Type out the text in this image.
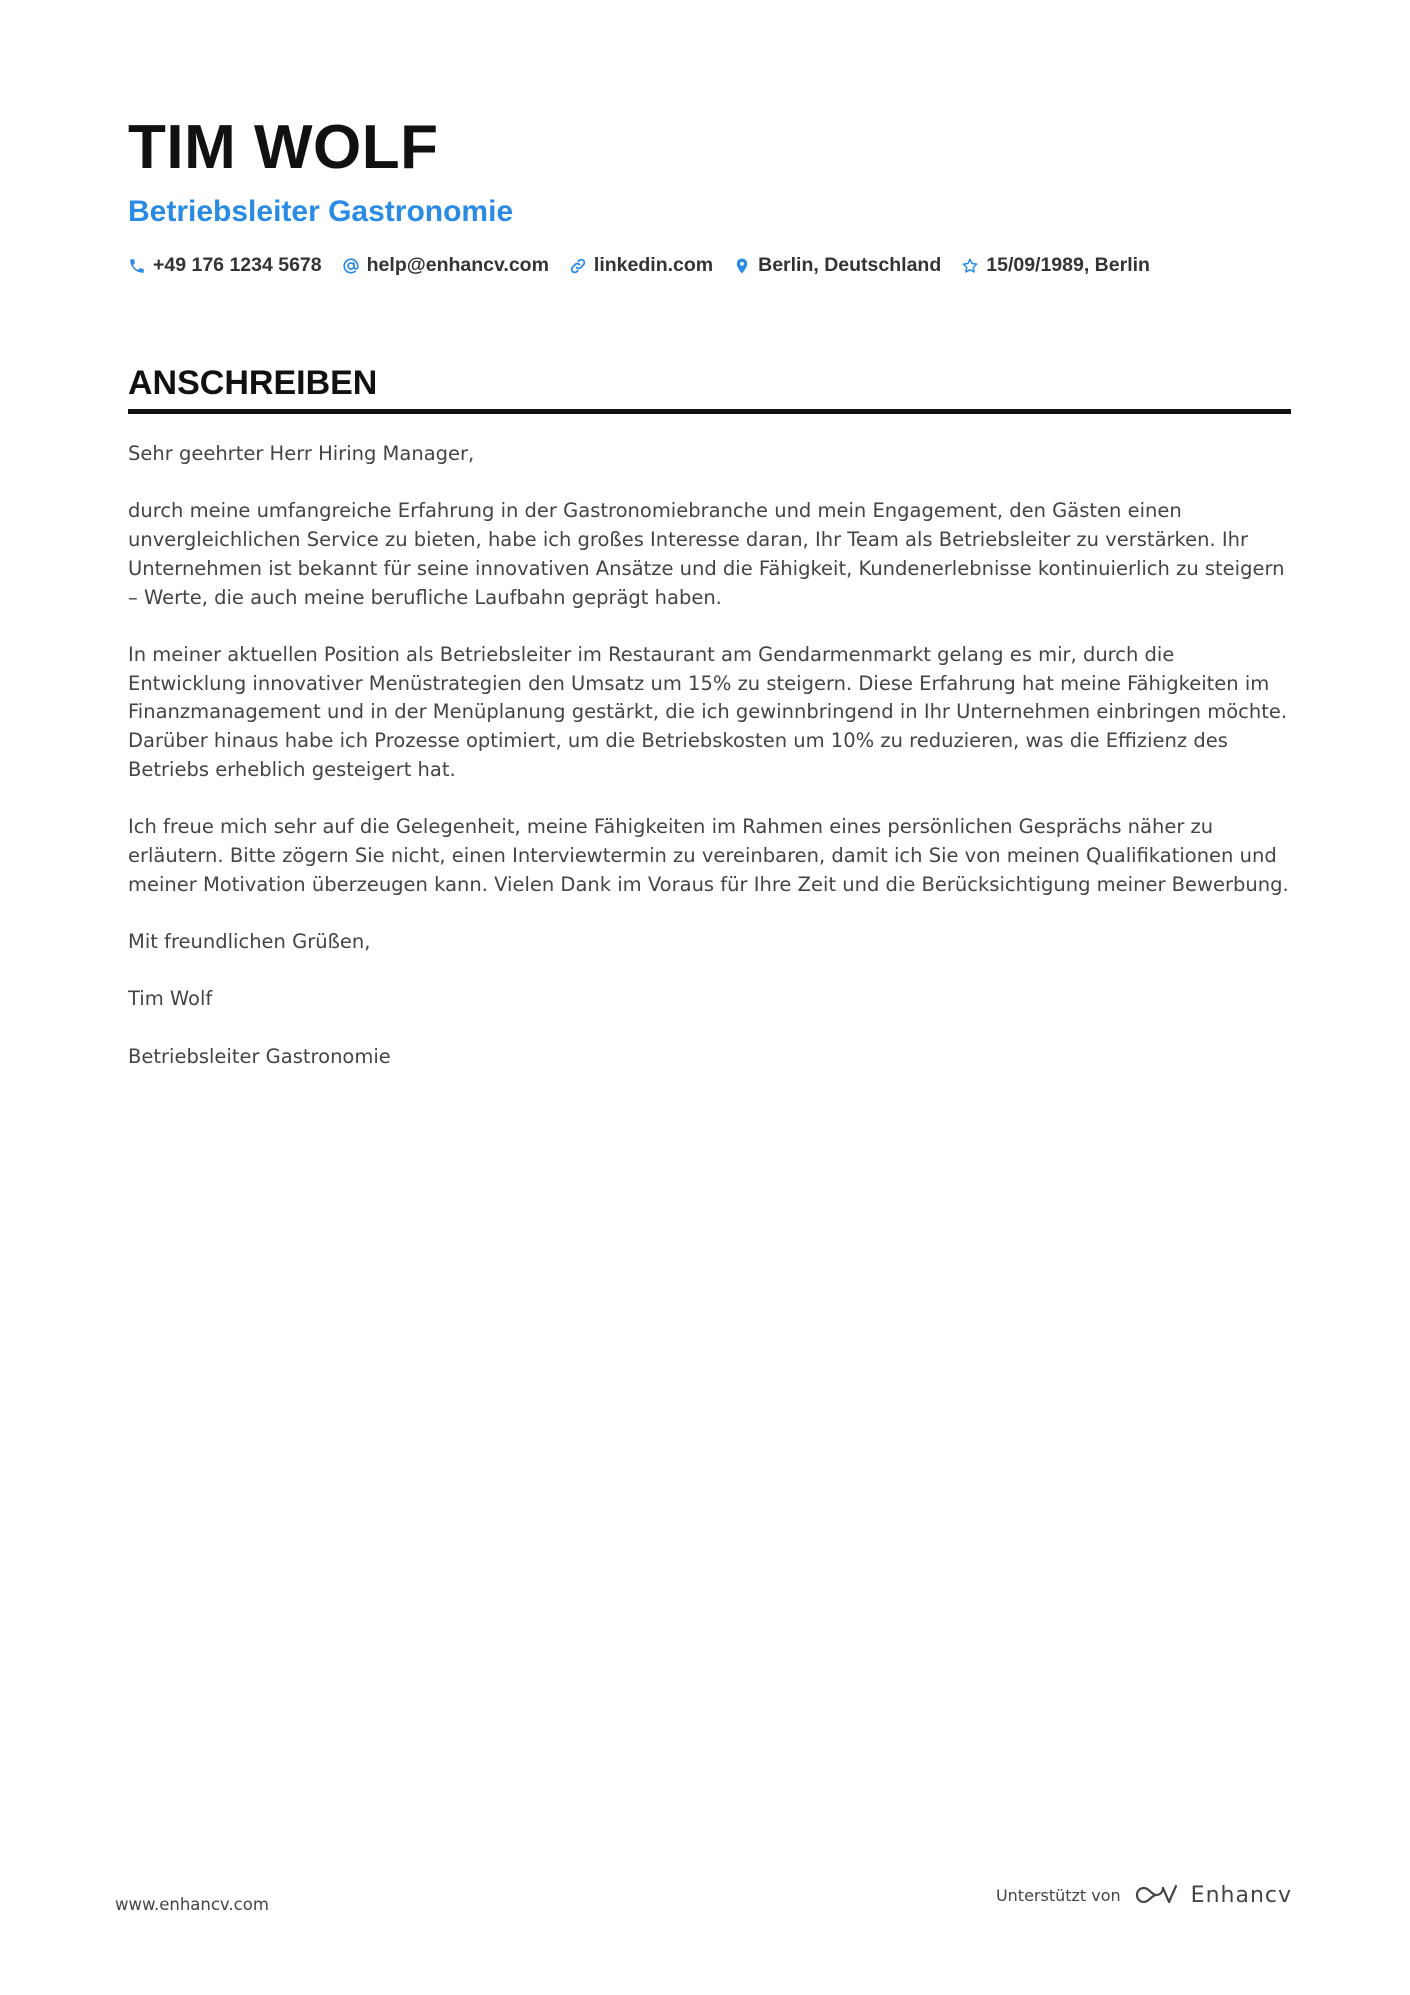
TIM WOLF
Betriebsleiter Gastronomie
+49 176 1234 5678 help@enhancv.com linkedin.com Berlin, Deutschland 15/09/1989, Berlin
ANSCHREIBEN

Sehr geehrter Herr Hiring Manager,

durch meine umfangreiche Erfahrung in der Gastronomiebranche und mein Engagement, den Gästen einen unvergleichlichen Service zu bieten, habe ich großes Interesse daran, Ihr Team als Betriebsleiter zu verstärken. Ihr Unternehmen ist bekannt für seine innovativen Ansätze und die Fähigkeit, Kundenerlebnisse kontinuierlich zu steigern – Werte, die auch meine berufliche Laufbahn geprägt haben.

In meiner aktuellen Position als Betriebsleiter im Restaurant am Gendarmenmarkt gelang es mir, durch die Entwicklung innovativer Menüstrategien den Umsatz um 15% zu steigern. Diese Erfahrung hat meine Fähigkeiten im Finanzmanagement und in der Menüplanung gestärkt, die ich gewinnbringend in Ihr Unternehmen einbringen möchte. Darüber hinaus habe ich Prozesse optimiert, um die Betriebskosten um 10% zu reduzieren, was die Effizienz des Betriebs erheblich gesteigert hat.

Ich freue mich sehr auf die Gelegenheit, meine Fähigkeiten im Rahmen eines persönlichen Gesprächs näher zu erläutern. Bitte zögern Sie nicht, einen Interviewtermin zu vereinbaren, damit ich Sie von meinen Qualifikationen und meiner Motivation überzeugen kann. Vielen Dank im Voraus für Ihre Zeit und die Berücksichtigung meiner Bewerbung.

Mit freundlichen Grüßen,

Tim Wolf

Betriebsleiter Gastronomie

www.enhancv.com	Unterstützt von	Enhancv
